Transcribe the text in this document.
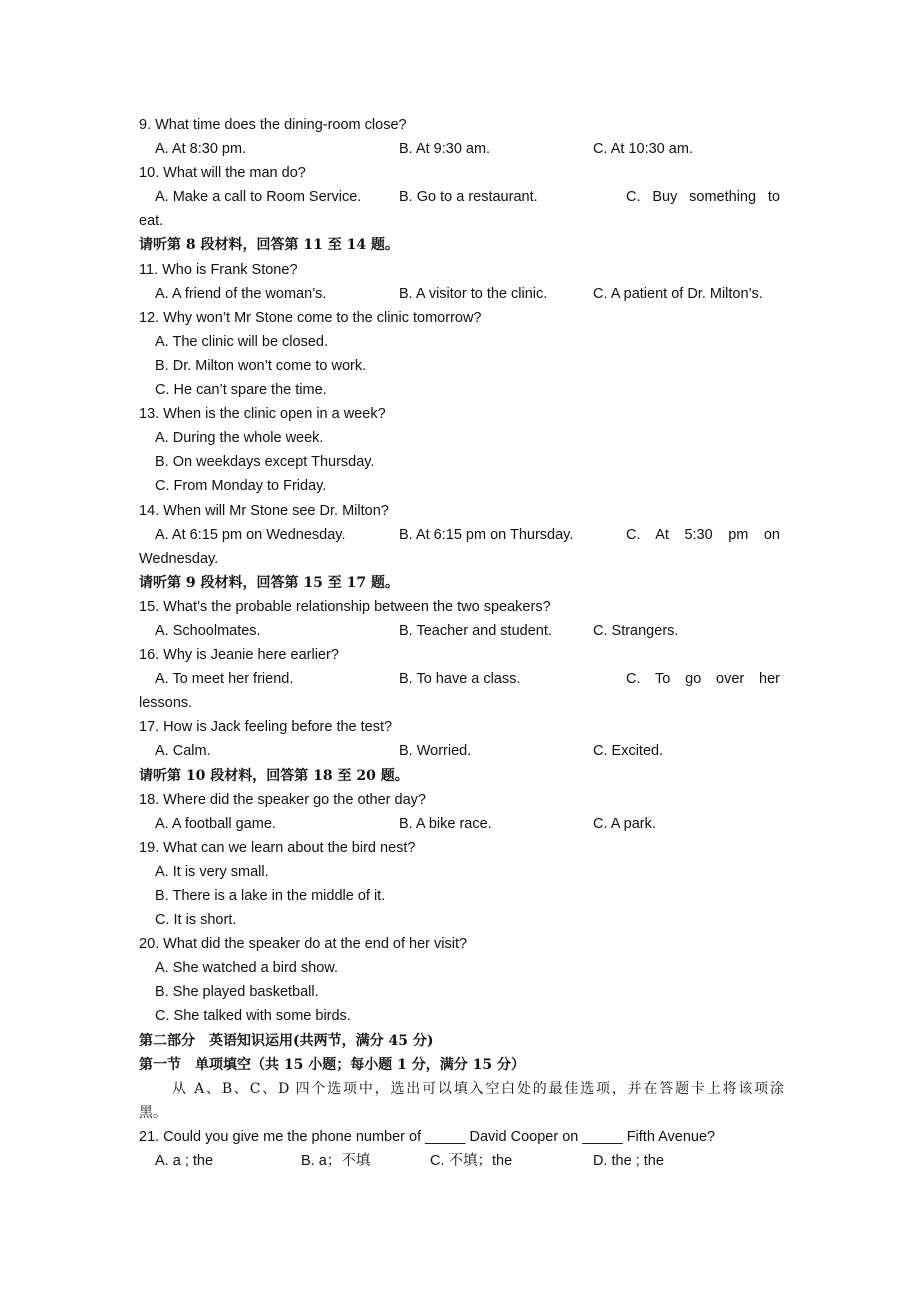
9. What time does the dining-room close?
A. At 8:30 pm.	B. At 9:30 am.	C. At 10:30 am.
10. What will the man do?
A. Make a call to Room Service.	B. Go to a restaurant.	C. Buy something to
eat.
请听第 8 段材料，回答第 11 至 14 题。
11. Who is Frank Stone?
A. A friend of the woman’s.	B. A visitor to the clinic.	C. A patient of Dr. Milton’s.
12. Why won’t Mr Stone come to the clinic tomorrow?
A. The clinic will be closed.
B. Dr. Milton won’t come to work.
C. He can’t spare the time.
13. When is the clinic open in a week?
A. During the whole week.
B. On weekdays except Thursday.
C. From Monday to Friday.
14. When will Mr Stone see Dr. Milton?
A. At 6:15 pm on Wednesday.	B. At 6:15 pm on Thursday.	C. At 5:30 pm on
Wednesday.
请听第 9 段材料，回答第 15 至 17 题。
15. What’s the probable relationship between the two speakers?
A. Schoolmates.	B. Teacher and student.	C. Strangers.
16. Why is Jeanie here earlier?
A. To meet her friend.	B. To have a class.	C. To go over her
lessons.
17. How is Jack feeling before the test?
A. Calm.	B. Worried.	C. Excited.
请听第 10 段材料，回答第 18 至 20 题。
18. Where did the speaker go the other day?
A. A football game.	B. A bike race.	C. A park.
19. What can we learn about the bird nest?
A. It is very small.
B. There is a lake in the middle of it.
C. It is short.
20. What did the speaker do at the end of her visit?
A. She watched a bird show.
B. She played basketball.
C. She talked with some birds.
第二部分　英语知识运用(共两节，满分 45 分)
第一节　单项填空（共 15 小题；每小题 1 分，满分 15 分）
从 A、B、C、D 四个选项中，选出可以填入空白处的最佳选项，并在答题卡上将该项涂
黑。
21. Could you give me the phone number of _____ David Cooper on _____ Fifth Avenue?
A. a ; the	B. a；不填	C. 不填；the	D. the ; the
